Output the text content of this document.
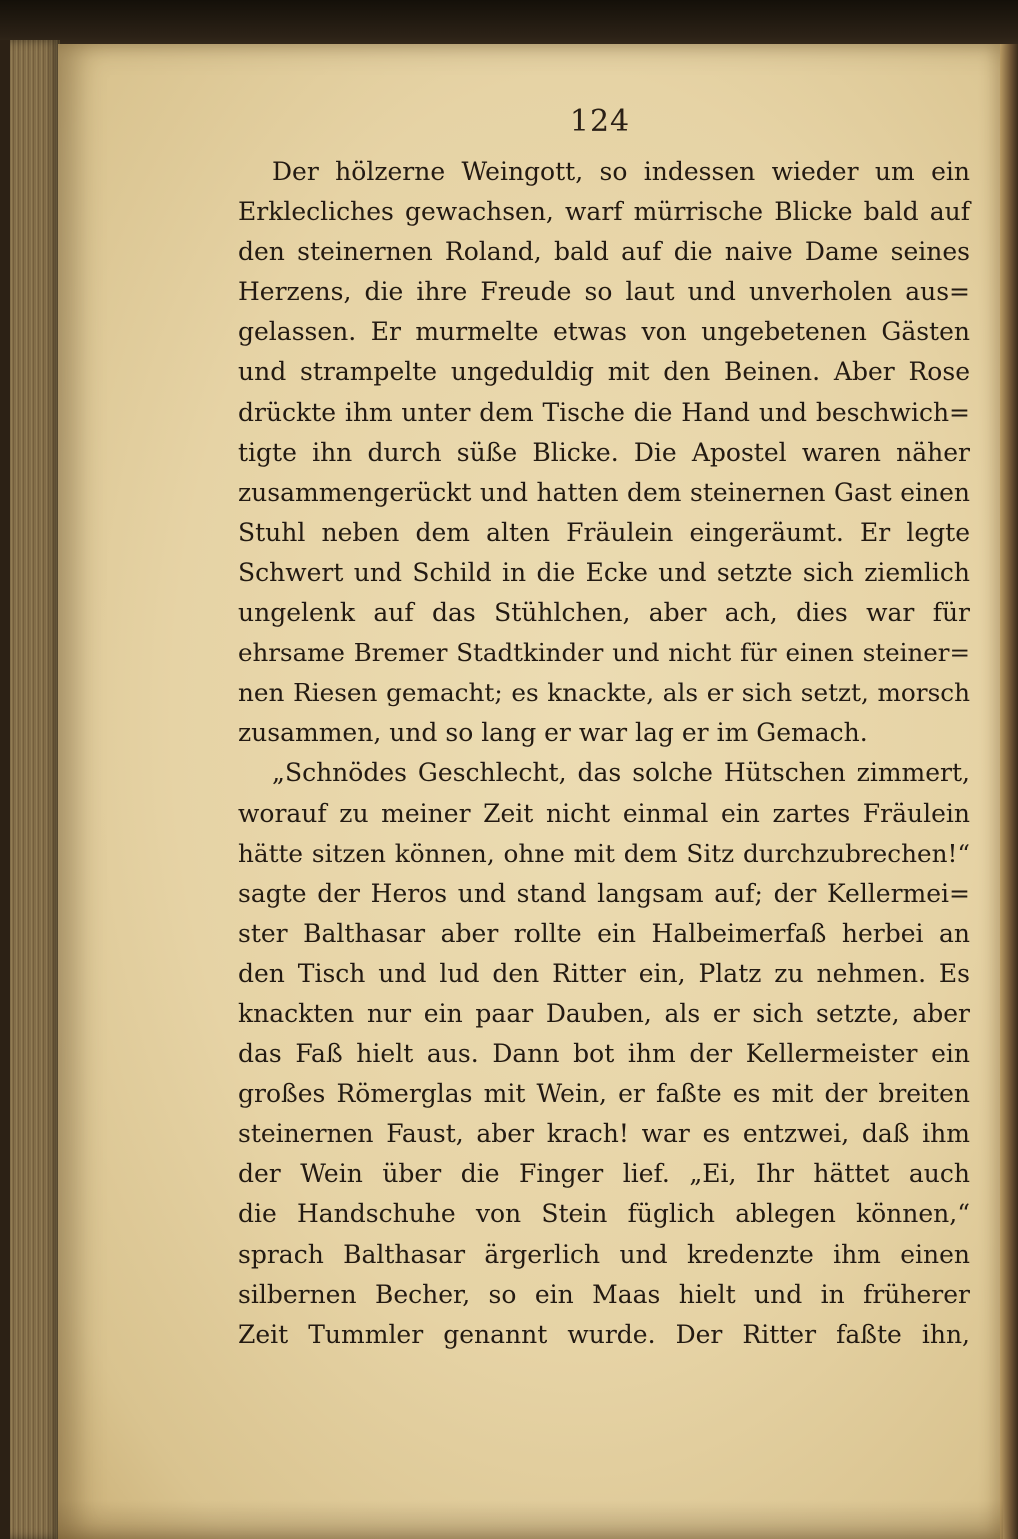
124
Der hölzerne Weingott, so indessen wieder um ein
Erklecliches gewachsen, warf mürrische Blicke bald auf
den steinernen Roland, bald auf die naive Dame seines
Herzens, die ihre Freude so laut und unverholen aus=
gelassen. Er murmelte etwas von ungebetenen Gästen
und strampelte ungeduldig mit den Beinen. Aber Rose
drückte ihm unter dem Tische die Hand und beschwich=
tigte ihn durch süße Blicke. Die Apostel waren näher
zusammengerückt und hatten dem steinernen Gast einen
Stuhl neben dem alten Fräulein eingeräumt. Er legte
Schwert und Schild in die Ecke und setzte sich ziemlich
ungelenk auf das Stühlchen, aber ach, dies war für
ehrsame Bremer Stadtkinder und nicht für einen steiner=
nen Riesen gemacht; es knackte, als er sich setzt, morsch
zusammen, und so lang er war lag er im Gemach.
„Schnödes Geschlecht, das solche Hütschen zimmert,
worauf zu meiner Zeit nicht einmal ein zartes Fräulein
hätte sitzen können, ohne mit dem Sitz durchzubrechen!“
sagte der Heros und stand langsam auf; der Kellermei=
ster Balthasar aber rollte ein Halbeimerfaß herbei an
den Tisch und lud den Ritter ein, Platz zu nehmen. Es
knackten nur ein paar Dauben, als er sich setzte, aber
das Faß hielt aus. Dann bot ihm der Kellermeister ein
großes Römerglas mit Wein, er faßte es mit der breiten
steinernen Faust, aber krach! war es entzwei, daß ihm
der Wein über die Finger lief. „Ei, Ihr hättet auch
die Handschuhe von Stein füglich ablegen können,“
sprach Balthasar ärgerlich und kredenzte ihm einen
silbernen Becher, so ein Maas hielt und in früherer
Zeit Tummler genannt wurde. Der Ritter faßte ihn,
